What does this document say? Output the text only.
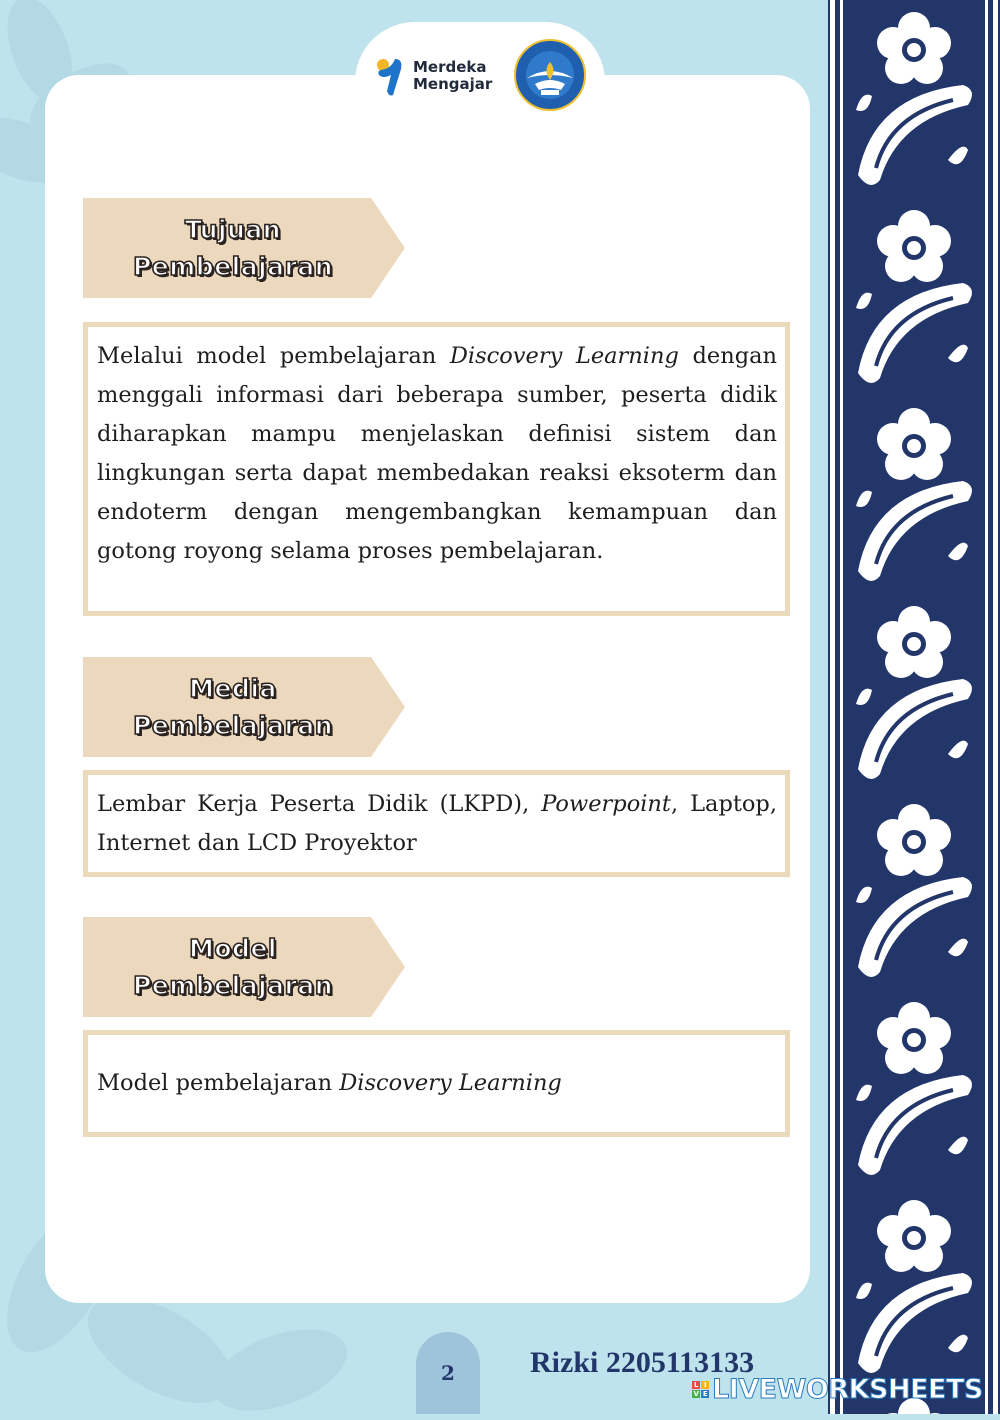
Merdeka
Mengajar
Tujuan
Pembelajaran
Melalui model pembelajaran Discovery Learning dengan menggali informasi dari beberapa sumber, peserta didik diharapkan mampu menjelaskan definisi sistem dan lingkungan serta dapat membedakan reaksi eksoterm dan endoterm dengan mengembangkan kemampuan dan gotong royong selama proses pembelajaran.
Media
Pembelajaran
Lembar Kerja Peserta Didik (LKPD), Powerpoint, Laptop, Internet dan LCD Proyektor
Model
Pembelajaran
Model pembelajaran Discovery Learning
2	Rizki 2205113133
L I
V E LIVEWORKSHEETS
